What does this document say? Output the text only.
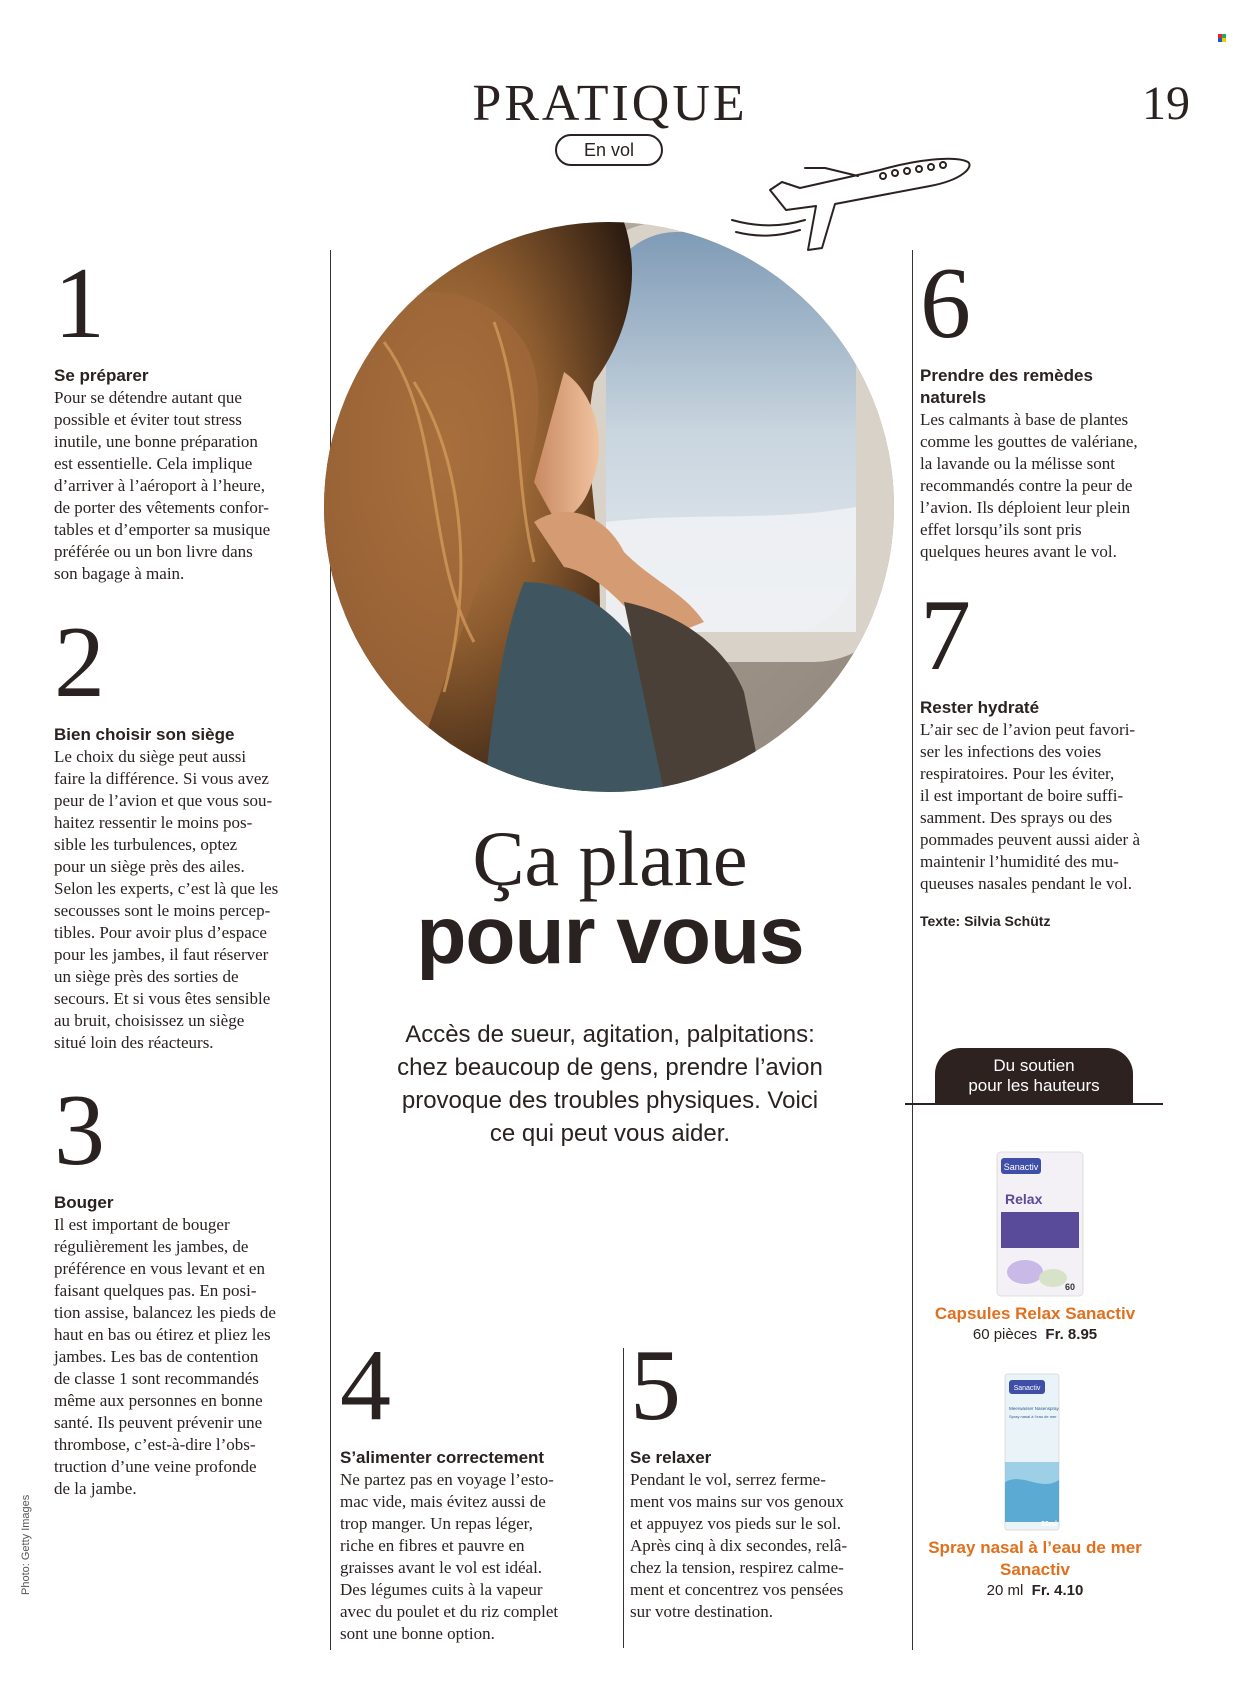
PRATIQUE
En vol
19
1
Se préparer
Pour se détendre autant que
possible et éviter tout stress
inutile, une bonne préparation
est essentielle. Cela implique
d’arriver à l’aéroport à l’heure,
de porter des vêtements confor-
tables et d’emporter sa musique
préférée ou un bon livre dans
son bagage à main.
2
Bien choisir son siège
Le choix du siège peut aussi
faire la différence. Si vous avez
peur de l’avion et que vous sou-
haitez ressentir le moins pos-
sible les turbulences, optez
pour un siège près des ailes.
Selon les experts, c’est là que les
secousses sont le moins percep-
tibles. Pour avoir plus d’espace
pour les jambes, il faut réserver
un siège près des sorties de
secours. Et si vous êtes sensible
au bruit, choisissez un siège
situé loin des réacteurs.
3
Bouger
Il est important de bouger
régulièrement les jambes, de
préférence en vous levant et en
faisant quelques pas. En posi-
tion assise, balancez les pieds de
haut en bas ou étirez et pliez les
jambes. Les bas de contention
de classe 1 sont recommandés
même aux personnes en bonne
santé. Ils peuvent prévenir une
thrombose, c’est-à-dire l’obs-
truction d’une veine profonde
de la jambe.
4
S’alimenter correctement
Ne partez pas en voyage l’esto-
mac vide, mais évitez aussi de
trop manger. Un repas léger,
riche en fibres et pauvre en
graisses avant le vol est idéal.
Des légumes cuits à la vapeur
avec du poulet et du riz complet
sont une bonne option.
5
Se relaxer
Pendant le vol, serrez ferme-
ment vos mains sur vos genoux
et appuyez vos pieds sur le sol.
Après cinq à dix secondes, relâ-
chez la tension, respirez calme-
ment et concentrez vos pensées
sur votre destination.
6
Prendre des remèdes
naturels
Les calmants à base de plantes
comme les gouttes de valériane,
la lavande ou la mélisse sont
recommandés contre la peur de
l’avion. Ils déploient leur plein
effet lorsqu’ils sont pris
quelques heures avant le vol.
7
Rester hydraté
L’air sec de l’avion peut favori-
ser les infections des voies
respiratoires. Pour les éviter,
il est important de boire suffi-
samment. Des sprays ou des
pommades peuvent aussi aider à
maintenir l’humidité des mu-
queuses nasales pendant le vol.
Texte: Silvia Schütz
Ça plane
pour vous
Accès de sueur, agitation, palpitations:
chez beaucoup de gens, prendre l’avion
provoque des troubles physiques. Voici
ce qui peut vous aider.
Du soutien
pour les hauteurs
Sanactiv
Relax
60
Capsules Relax Sanactiv
60 pièces Fr. 8.95
Sanactiv
Meerwasser Nasenspray
Spray nasal à l’eau de mer
20ml
Spray nasal à l’eau de mer
Sanactiv
20 ml Fr. 4.10
Photo: Getty Images
